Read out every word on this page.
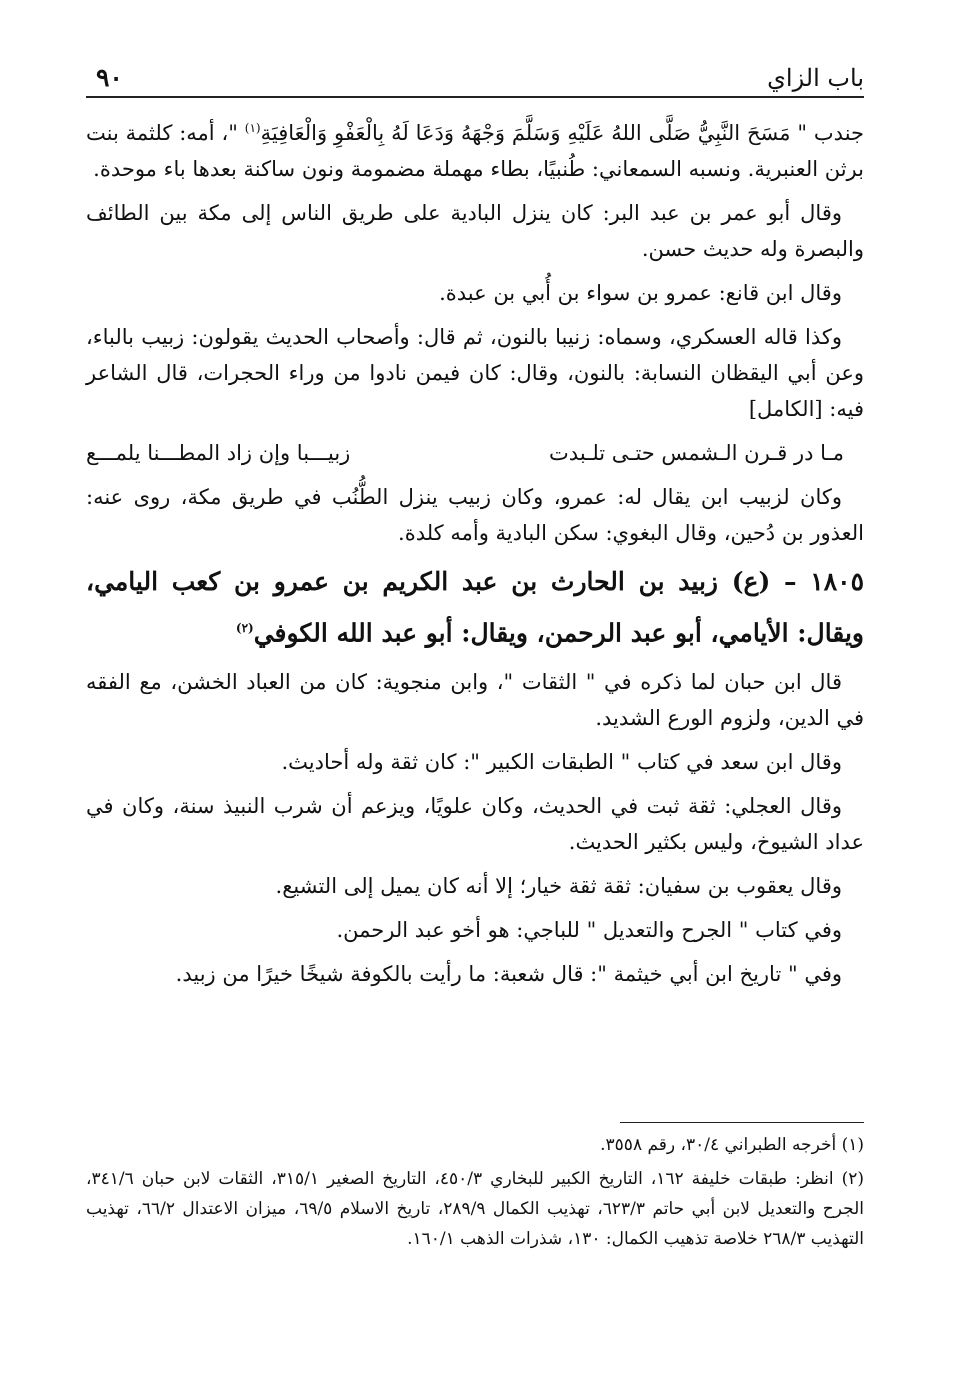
٩٠	باب الزاي

جندب " مَسَحَ النَّبِيُّ صَلَّى اللهُ عَلَيْهِ وَسَلَّمَ وَجْهَهُ وَدَعَا لَهُ بِالْعَفْوِ وَالْعَافِيَةِ$^{(١)}$ "، أمه: كلثمة بنت برثن العنبرية. ونسبه السمعاني: طُنبيًا، بطاء مهملة مضمومة ونون ساكنة بعدها باء موحدة.

وقال أبو عمر بن عبد البر: كان ينزل البادية على طريق الناس إلى مكة بين الطائف والبصرة وله حديث حسن.

وقال ابن قانع: عمرو بن سواء بن أُبي بن عبدة.

وكذا قاله العسكري، وسماه: زنيبا بالنون، ثم قال: وأصحاب الحديث يقولون: زبيب بالباء، وعن أبي اليقظان النسابة: بالنون، وقال: كان فيمن نادوا من وراء الحجرات، قال الشاعر فيه: [الكامل]

مـا در قـرن الـشمس حتـى تلـبدت
زبيـــبا وإن زاد المطـــنا يلمـــع

وكان لزبيب ابن يقال له: عمرو، وكان زبيب ينزل الطُّنُب في طريق مكة، روى عنه: العذور بن دُحين، وقال البغوي: سكن البادية وأمه كلدة.

١٨٠٥ – (ع) زبيد بن الحارث بن عبد الكريم بن عمرو بن كعب اليامي، ويقال: الأيامي، أبو عبد الرحمن، ويقال: أبو عبد الله الكوفي$^{(٢)}$

قال ابن حبان لما ذكره في " الثقات "، وابن منجوية: كان من العباد الخشن، مع الفقه في الدين، ولزوم الورع الشديد.

وقال ابن سعد في كتاب " الطبقات الكبير ": كان ثقة وله أحاديث.

وقال العجلي: ثقة ثبت في الحديث، وكان علويًا، ويزعم أن شرب النبيذ سنة، وكان في عداد الشيوخ، وليس بكثير الحديث.

وقال يعقوب بن سفيان: ثقة ثقة خيار؛ إلا أنه كان يميل إلى التشيع.

وفي كتاب " الجرح والتعديل " للباجي: هو أخو عبد الرحمن.

وفي " تاريخ ابن أبي خيثمة ": قال شعبة: ما رأيت بالكوفة شيخًا خيرًا من زبيد.

(١) أخرجه الطبراني ٣٠/٤، رقم ٣٥٥٨.

(٢) انظر: طبقات خليفة ١٦٢، التاريخ الكبير للبخاري ٤٥٠/٣، التاريخ الصغير ٣١٥/١، الثقات لابن حبان ٣٤١/٦، الجرح والتعديل لابن أبي حاتم ٦٢٣/٣، تهذيب الكمال ٢٨٩/٩، تاريخ الاسلام ٦٩/٥، ميزان الاعتدال ٦٦/٢، تهذيب التهذيب ٢٦٨/٣ خلاصة تذهيب الكمال: ١٣٠، شذرات الذهب ١٦٠/١.
